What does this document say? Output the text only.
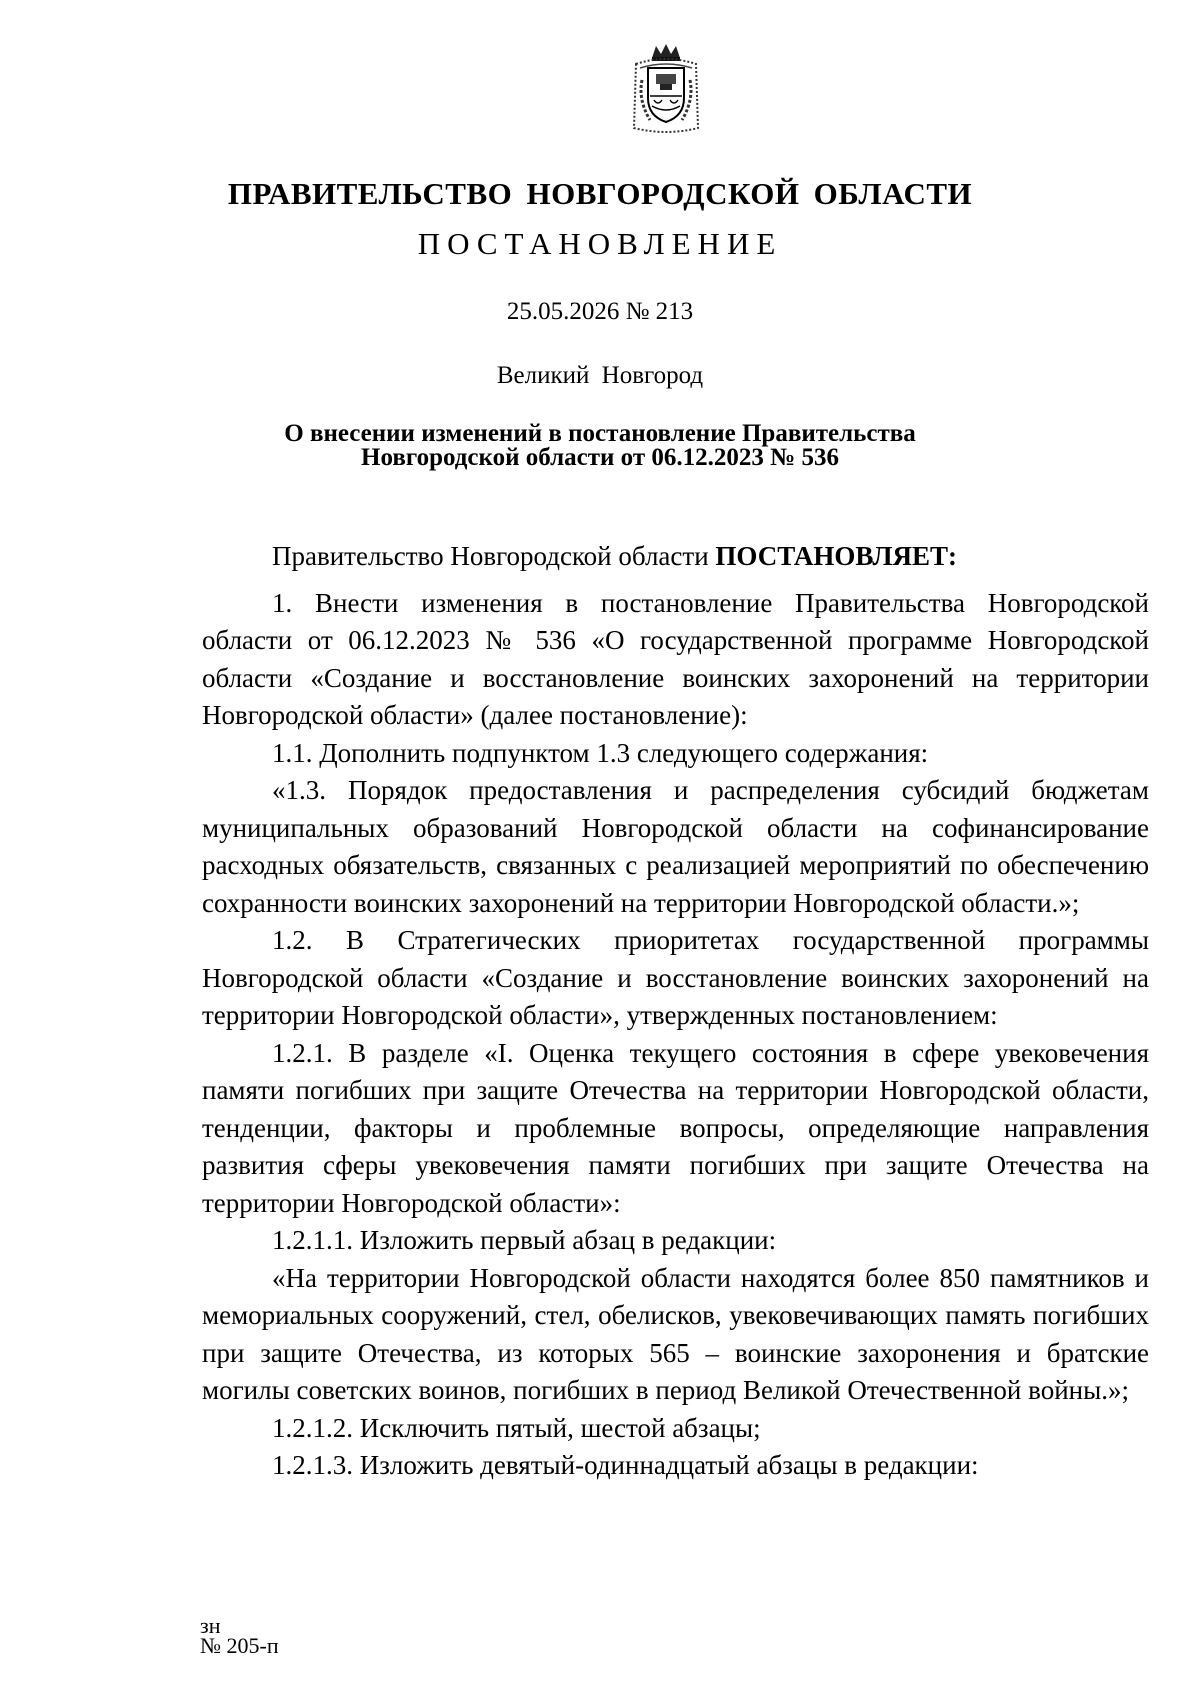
ПРАВИТЕЛЬСТВО НОВГОРОДСКОЙ ОБЛАСТИ
ПОСТАНОВЛЕНИЕ
25.05.2026 № 213
Великий Новгород
О внесении изменений в постановление Правительства
Новгородской области от 06.12.2023 № 536

Правительство Новгородской области ПОСТАНОВЛЯЕТ:

1. Внести изменения в постановление Правительства Новгородской области от 06.12.2023 № 536 «О государственной программе Новгородской области «Создание и восстановление воинских захоронений на территории Новгородской области» (далее постановление):

1.1. Дополнить подпунктом 1.3 следующего содержания:

«1.3. Порядок предоставления и распределения субсидий бюджетам муниципальных образований Новгородской области на софинансирование расходных обязательств, связанных с реализацией мероприятий по обеспечению сохранности воинских захоронений на территории Новгородской области.»;

1.2. В Стратегических приоритетах государственной программы Новгородской области «Создание и восстановление воинских захоронений на территории Новгородской области», утвержденных постановлением:

1.2.1. В разделе «I. Оценка текущего состояния в сфере увековечения памяти погибших при защите Отечества на территории Новгородской области, тенденции, факторы и проблемные вопросы, определяющие направления развития сферы увековечения памяти погибших при защите Отечества на территории Новгородской области»:

1.2.1.1. Изложить первый абзац в редакции:

«На территории Новгородской области находятся более 850 памятников и мемориальных сооружений, стел, обелисков, увековечивающих память погибших при защите Отечества, из которых 565 – воинские захоронения и братские могилы советских воинов, погибших в период Великой Отечественной войны.»;

1.2.1.2. Исключить пятый, шестой абзацы;

1.2.1.3. Изложить девятый-одиннадцатый абзацы в редакции:

зн
№ 205-п
